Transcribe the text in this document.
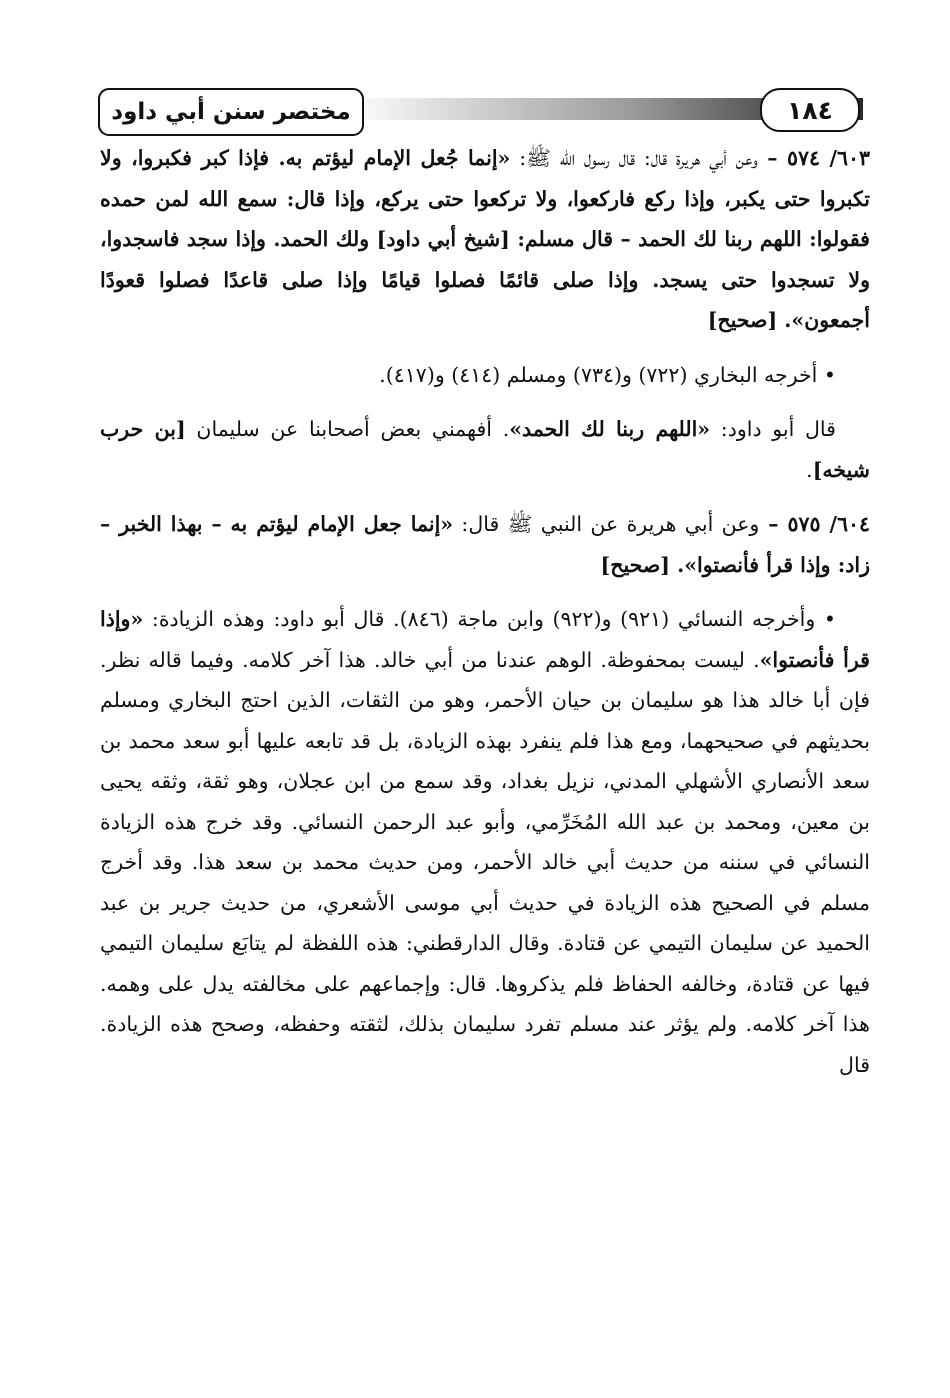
مختصر سنن أبي داود	١٨٤

٦٠٣/ ٥٧٤ – وعن أبي هريرة قال: قال رسول الله ﷺ: «إنما جُعل الإمام ليؤتم به. فإذا كبر فكبروا، ولا تكبروا حتى يكبر، وإذا ركع فاركعوا، ولا تركعوا حتى يركع، وإذا قال: سمع الله لمن حمده فقولوا: اللهم ربنا لك الحمد – قال مسلم: [شيخ أبي داود] ولك الحمد. وإذا سجد فاسجدوا، ولا تسجدوا حتى يسجد. وإذا صلى قائمًا فصلوا قيامًا وإذا صلى قاعدًا فصلوا قعودًا أجمعون». [صحيح]

• أخرجه البخاري (٧٢٢) و(٧٣٤) ومسلم (٤١٤) و(٤١٧).

قال أبو داود: «اللهم ربنا لك الحمد». أفهمني بعض أصحابنا عن سليمان [بن حرب شيخه].

٦٠٤/ ٥٧٥ – وعن أبي هريرة عن النبي ﷺ قال: «إنما جعل الإمام ليؤتم به – بهذا الخبر – زاد: وإذا قرأ فأنصتوا». [صحيح]

• وأخرجه النسائي (٩٢١) و(٩٢٢) وابن ماجة (٨٤٦). قال أبو داود: وهذه الزيادة: «وإذا قرأ فأنصتوا». ليست بمحفوظة. الوهم عندنا من أبي خالد. هذا آخر كلامه. وفيما قاله نظر. فإن أبا خالد هذا هو سليمان بن حيان الأحمر، وهو من الثقات، الذين احتج البخاري ومسلم بحديثهم في صحيحهما، ومع هذا فلم ينفرد بهذه الزيادة، بل قد تابعه عليها أبو سعد محمد بن سعد الأنصاري الأشهلي المدني، نزيل بغداد، وقد سمع من ابن عجلان، وهو ثقة، وثقه يحيى بن معين، ومحمد بن عبد الله المُخَرِّمي، وأبو عبد الرحمن النسائي. وقد خرج هذه الزيادة النسائي في سننه من حديث أبي خالد الأحمر، ومن حديث محمد بن سعد هذا. وقد أخرج مسلم في الصحيح هذه الزيادة في حديث أبي موسى الأشعري، من حديث جرير بن عبد الحميد عن سليمان التيمي عن قتادة. وقال الدارقطني: هذه اللفظة لم يتابَع سليمان التيمي فيها عن قتادة، وخالفه الحفاظ فلم يذكروها. قال: وإجماعهم على مخالفته يدل على وهمه. هذا آخر كلامه. ولم يؤثر عند مسلم تفرد سليمان بذلك، لثقته وحفظه، وصحح هذه الزيادة. قال
